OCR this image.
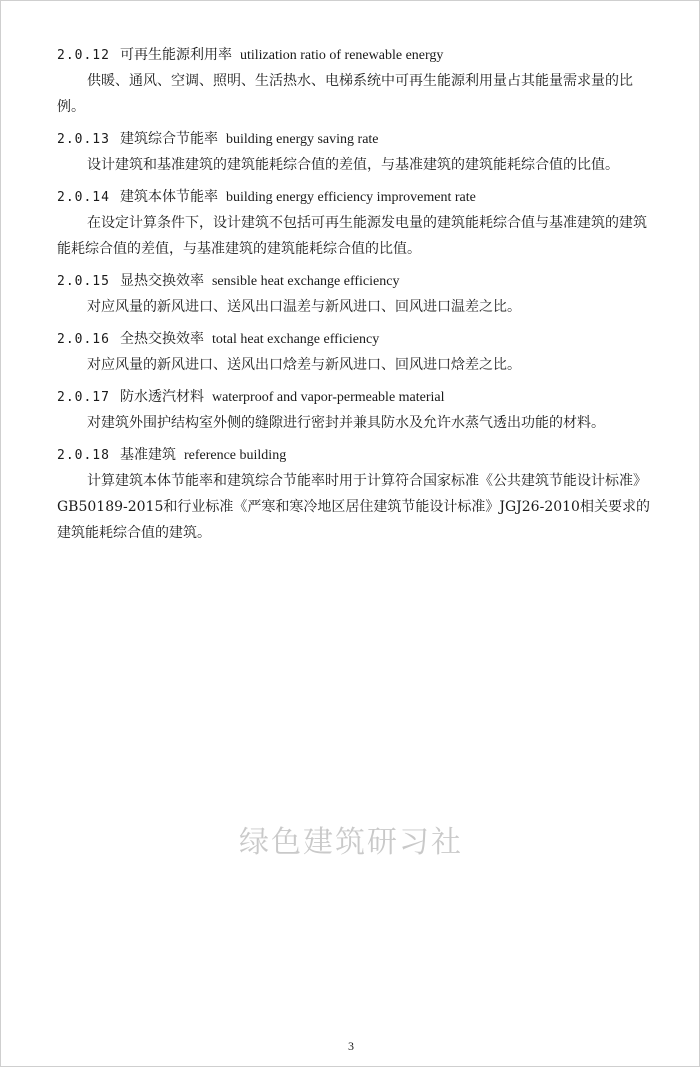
2.0.12 可再生能源利用率 utilization ratio of renewable energy
供暖、通风、空调、照明、生活热水、电梯系统中可再生能源利用量占其能量需求量的比例。
2.0.13 建筑综合节能率 building energy saving rate
设计建筑和基准建筑的建筑能耗综合值的差值，与基准建筑的建筑能耗综合值的比值。
2.0.14 建筑本体节能率 building energy efficiency improvement rate
在设定计算条件下，设计建筑不包括可再生能源发电量的建筑能耗综合值与基准建筑的建筑能耗综合值的差值，与基准建筑的建筑能耗综合值的比值。
2.0.15 显热交换效率 sensible heat exchange efficiency
对应风量的新风进口、送风出口温差与新风进口、回风进口温差之比。
2.0.16 全热交换效率 total heat exchange efficiency
对应风量的新风进口、送风出口焓差与新风进口、回风进口焓差之比。
2.0.17 防水透汽材料 waterproof and vapor-permeable material
对建筑外围护结构室外侧的缝隙进行密封并兼具防水及允许水蒸气透出功能的材料。
2.0.18 基准建筑 reference building
计算建筑本体节能率和建筑综合节能率时用于计算符合国家标准《公共建筑节能设计标准》GB50189-2015和行业标准《严寒和寒冷地区居住建筑节能设计标准》JGJ26-2010相关要求的建筑能耗综合值的建筑。
绿色建筑研习社
3
